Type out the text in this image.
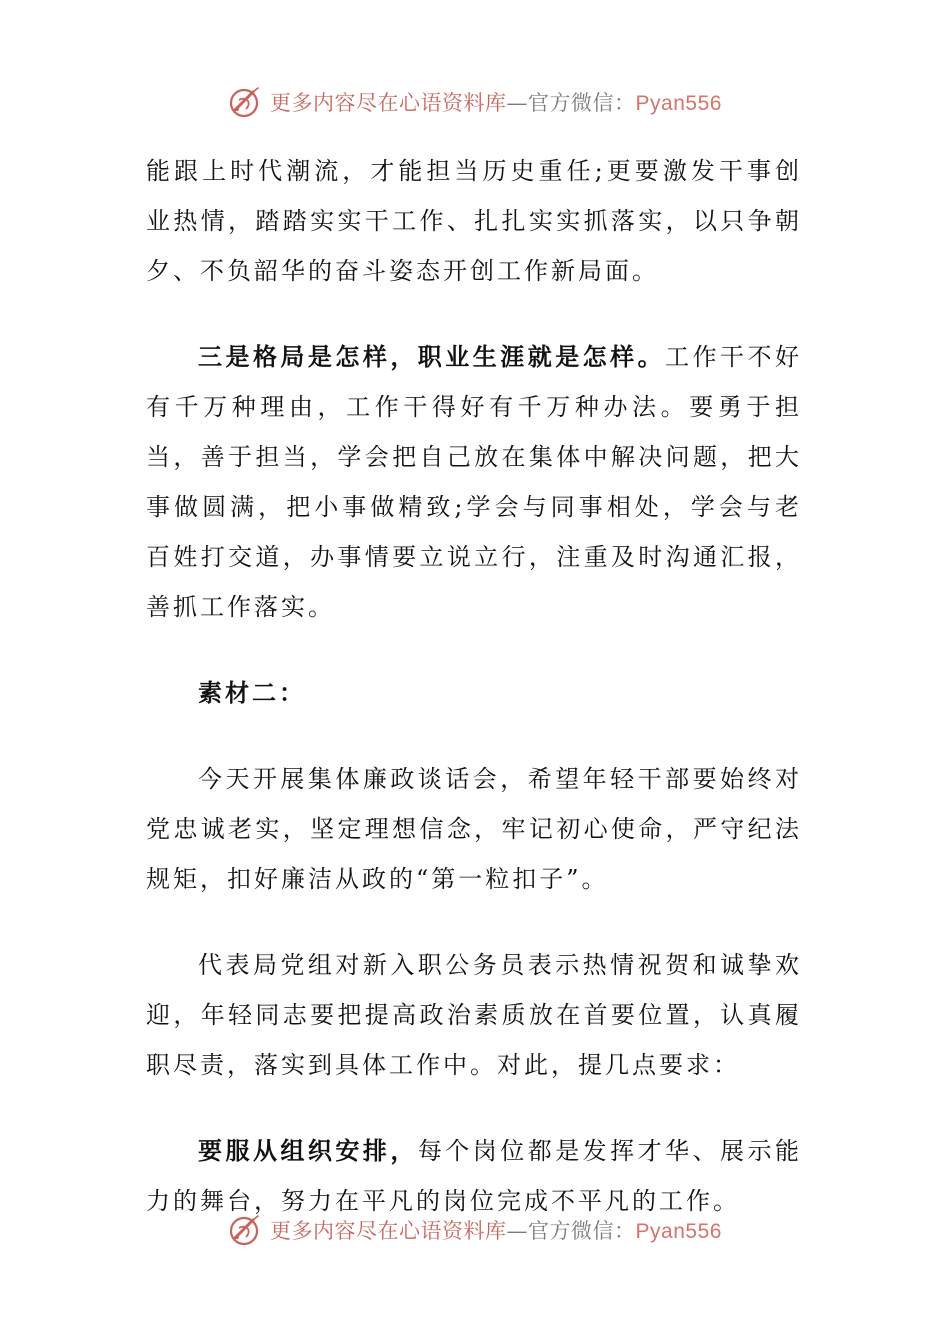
更多内容尽在心语资料库—官方微信：Pyan556

能跟上时代潮流，才能担当历史重任;更要激发干事创业热情，踏踏实实干工作、扎扎实实抓落实，以只争朝夕、不负韶华的奋斗姿态开创工作新局面。

三是格局是怎样，职业生涯就是怎样。工作干不好有千万种理由，工作干得好有千万种办法。要勇于担当，善于担当，学会把自己放在集体中解决问题，把大事做圆满，把小事做精致;学会与同事相处，学会与老百姓打交道，办事情要立说立行，注重及时沟通汇报，善抓工作落实。

素材二：

今天开展集体廉政谈话会，希望年轻干部要始终对党忠诚老实，坚定理想信念，牢记初心使命，严守纪法规矩，扣好廉洁从政的“第一粒扣子”。

代表局党组对新入职公务员表示热情祝贺和诚挚欢迎，年轻同志要把提高政治素质放在首要位置，认真履职尽责，落实到具体工作中。对此，提几点要求：

要服从组织安排，每个岗位都是发挥才华、展示能力的舞台，努力在平凡的岗位完成不平凡的工作。

更多内容尽在心语资料库—官方微信：Pyan556
